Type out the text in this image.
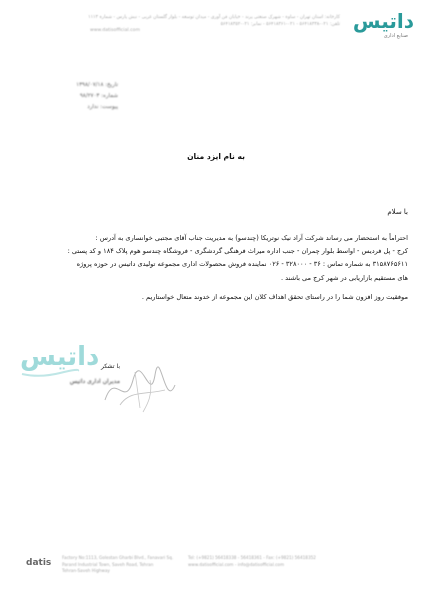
داتیس
صنایع اداری
کارخانه: استان تهران - ساوه - شهرک صنعتی پرند - خیابان فن آوری - میدان توسعه - بلوار گلستان غربی - نبش پارس - شماره ۱۱۱۳
تلفن: ۰۲۱-۵۶۴۱۸۳۳۸ - ۰۲۱-۵۶۴۱۸۳۶۱ - نمابر: ۰۲۱-۵۶۴۱۸۳۵۲
www.datisofficial.com
تاریخ: ۱۳۹۸/۰۷/۱۸
شماره: ۹۸/۲۷۰۳
پیوست: ندارد
به نام ایزد منان
با سلام

احتراماً به استحضار می رساند شرکت آراد نیک نوتریکا (چندسو) به مدیریت جناب آقای مجتبی خوانساری به آدرس :

کرج - پل فردیس - اواسط بلوار چمران - جنب اداره میراث فرهنگی گردشگری - فروشگاه چندسو هوم پلاک ۱۸۴ و کد پستی :

۳۱۵۸۷۶۵۶۱۱ به شماره تماس : ۳۶ - ۳۲۸۰۰۰ - ۰۲۶ نماینده فروش محصولات اداری مجموعه تولیدی داتیس در حوزه پروژه

های مستقیم بازاریابی در شهر کرج می باشند .

موفقیت روز افزون شما را در راستای تحقق اهداف کلان این مجموعه از خدوند متعال خواستاریم .
داتیس با تشکر
مدیران اداری داتیس
datis
Factory No:1113, Golestan Gharbi Blvd., Fanavari Sq.
Parand Industrial Town, Saveh Road, Tehran
Tehran-Saveh Highway
Tel: (+9821) 56418338 - 56418361 - Fax: (+9821) 56418352
www.datisofficial.com - info@datisofficial.com
